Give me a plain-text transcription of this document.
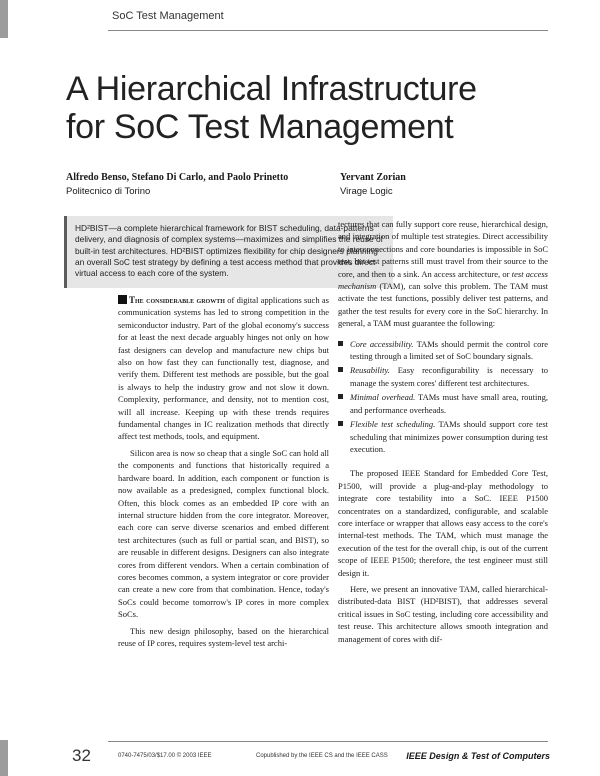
SoC Test Management
A Hierarchical Infrastructure
for SoC Test Management
Alfredo Benso, Stefano Di Carlo, and Paolo Prinetto
Politecnico di Torino
Yervant Zorian
Virage Logic
HD²BIST—a complete hierarchical framework for BIST scheduling, data-patterns delivery, and diagnosis of complex systems—maximizes and simplifies the reuse of built-in test architectures. HD²BIST optimizes flexibility for chip designers planning an overall SoC test strategy by defining a test access method that provides direct virtual access to each core of the system.

The considerable growth of digital applications such as communication systems has led to strong competition in the semiconductor industry. Part of the global economy's success for at least the next decade arguably hinges not only on how fast designers can develop and manufacture new chips but also on how fast they can functionally test, diagnose, and verify them. Different test methods are possible, but the goal is always to help the industry grow and not slow it down. Complexity, performance, and density, not to mention cost, will all increase. Keeping up with these trends requires fundamental changes in IC realization methods that directly affect test methods, tools, and equipment.

Silicon area is now so cheap that a single SoC can hold all the components and functions that historically required a hardware board. In addition, each component or function is now available as a predesigned, complex functional block. Often, this block comes as an embedded IP core with an internal structure hidden from the core integrator. Moreover, each core can serve diverse scenarios and embed different test architectures (such as full or partial scan, and BIST), so are reusable in different designs. Designers can also integrate cores from different vendors. When a certain combination of cores becomes common, a system integrator or core provider can create a new core from that combination. Hence, today's SoCs could become tomorrow's IP cores in more complex SoCs.

This new design philosophy, based on the hierarchical reuse of IP cores, requires system-level test archi-

tectures that can fully support core reuse, hierarchical design, and integration of multiple test strategies. Direct accessibility to interconnections and core boundaries is impossible in SoC test, but test patterns still must travel from their source to the core, and then to a sink. An access architecture, or test access mechanism (TAM), can solve this problem. The TAM must activate the test functions, possibly deliver test patterns, and gather the test results for every core in the SoC hierarchy. In general, a TAM must guarantee the following:

Core accessibility. TAMs should permit the control core testing through a limited set of SoC boundary signals.
Reusability. Easy reconfigurability is necessary to manage the system cores' different test architectures.
Minimal overhead. TAMs must have small area, routing, and performance overheads.
Flexible test scheduling. TAMs should support core test scheduling that minimizes power consumption during test execution.

The proposed IEEE Standard for Embedded Core Test, P1500, will provide a plug-and-play methodology to integrate core testability into a SoC. IEEE P1500 concentrates on a standardized, configurable, and scalable core interface or wrapper that allows easy access to the core's internal-test methods. The TAM, which must manage the execution of the test for the overall chip, is out of the current scope of IEEE P1500; therefore, the test engineer must still design it.

Here, we present an innovative TAM, called hierarchical-distributed-data BIST (HD²BIST), that addresses several critical issues in SoC testing, including core accessibility and test reuse. This architecture allows smooth integration and management of cores with dif-

32	0740-7475/03/$17.00 © 2003 IEEE	Copublished by the IEEE CS and the IEEE CASS IEEE Design & Test of Computers
